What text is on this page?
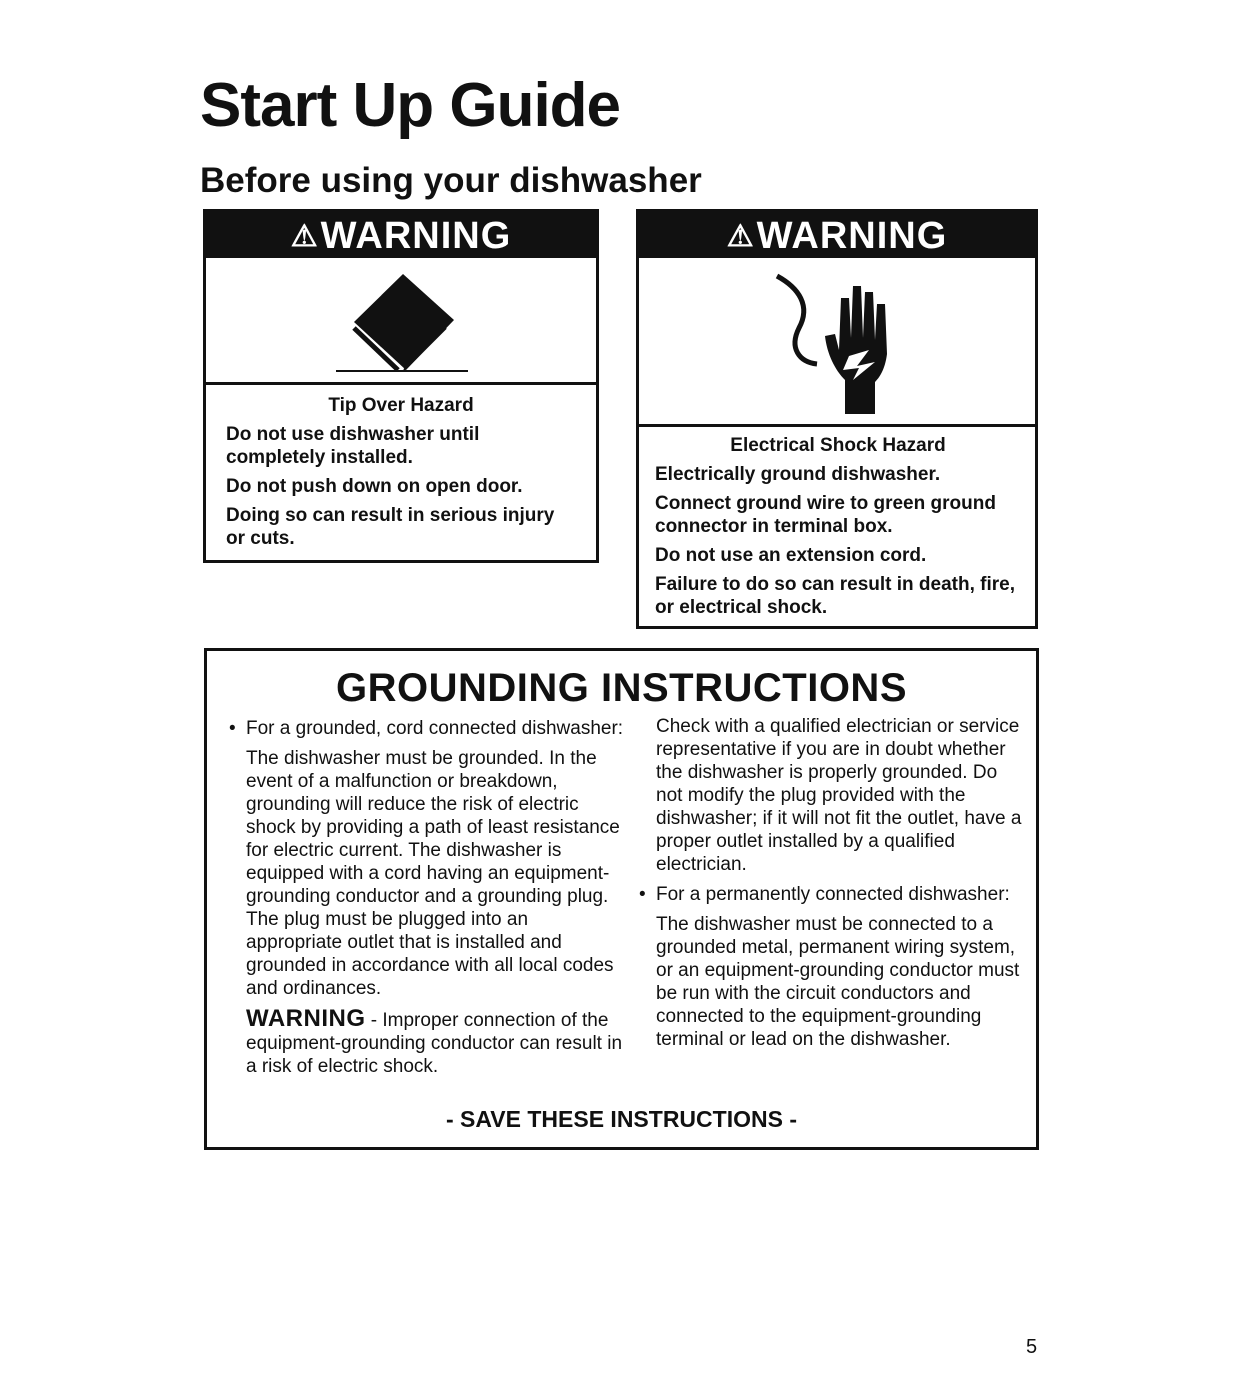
Start Up Guide
Before using your dishwasher
⚠WARNING
Tip Over Hazard

Do not use dishwasher until completely installed.

Do not push down on open door.

Doing so can result in serious injury or cuts.

⚠WARNING
Electrical Shock Hazard

Electrically ground dishwasher.

Connect ground wire to green ground connector in terminal box.

Do not use an extension cord.

Failure to do so can result in death, fire, or electrical shock.

GROUNDING INSTRUCTIONS

• For a grounded, cord connected dishwasher:

The dishwasher must be grounded. In the event of a malfunction or breakdown, grounding will reduce the risk of electric shock by providing a path of least resistance for electric current. The dishwasher is equipped with a cord having an equipment-grounding conductor and a grounding plug. The plug must be plugged into an appropriate outlet that is installed and grounded in accordance with all local codes and ordinances.

WARNING - Improper connection of the equipment-grounding conductor can result in a risk of electric shock.

Check with a qualified electrician or service representative if you are in doubt whether the dishwasher is properly grounded. Do not modify the plug provided with the dishwasher; if it will not fit the outlet, have a proper outlet installed by a qualified electrician.

• For a permanently connected dishwasher:

The dishwasher must be connected to a grounded metal, permanent wiring system, or an equipment-grounding conductor must be run with the circuit conductors and connected to the equipment-grounding terminal or lead on the dishwasher.

- SAVE THESE INSTRUCTIONS -
5
